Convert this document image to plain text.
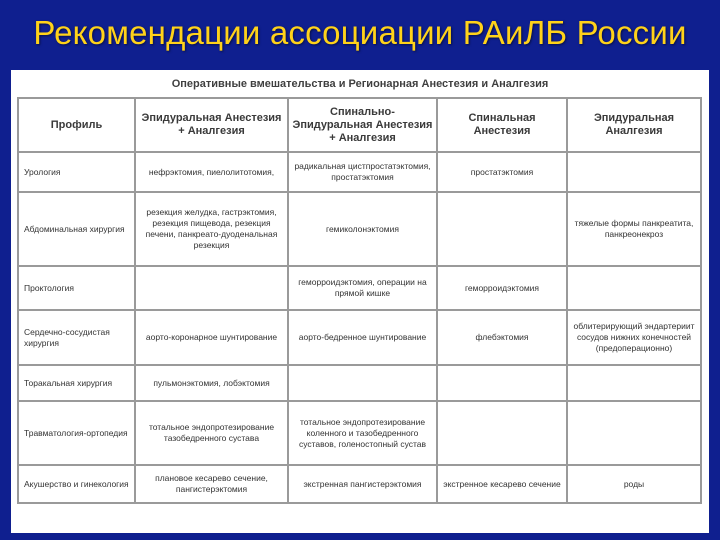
Рекомендации ассоциации РАиЛБ России
Оперативные вмешательства и Регионарная Анестезия и Аналгезия
Профиль	Эпидуральная Анестезия + Аналгезия	Спинально-Эпидуральная Анестезия + Аналгезия	Спинальная Анестезия	Эпидуральная Аналгезия
Урология	нефрэктомия, пиелолитотомия,	радикальная цистпростатэктомия, простатэктомия	простатэктомия	
Абдоминальная хирургия	резекция желудка, гастрэктомия, резекция пищевода, резекция печени, панкреато-дуоденальная резекция	гемиколонэктомия		тяжелые формы панкреатита, панкреонекроз
Проктология		геморроидэктомия, операции на прямой кишке	геморроидэктомия	
Сердечно-сосудистая хирургия	аорто-коронарное шунтирование	аорто-бедренное шунтирование	флебэктомия	облитерирующий эндартериит сосудов нижних конечностей (предоперационно)
Торакальная хирургия	пульмонэктомия, лобэктомия			
Травматология-ортопедия	тотальное эндопротезирование тазобедренного сустава	тотальное эндопротезирование коленного и тазобедренного суставов, голеностопный сустав		
Акушерство и гинекология	плановое кесарево сечение, пангистерэктомия	экстренная пангистерэктомия	экстренное кесарево сечение	роды
